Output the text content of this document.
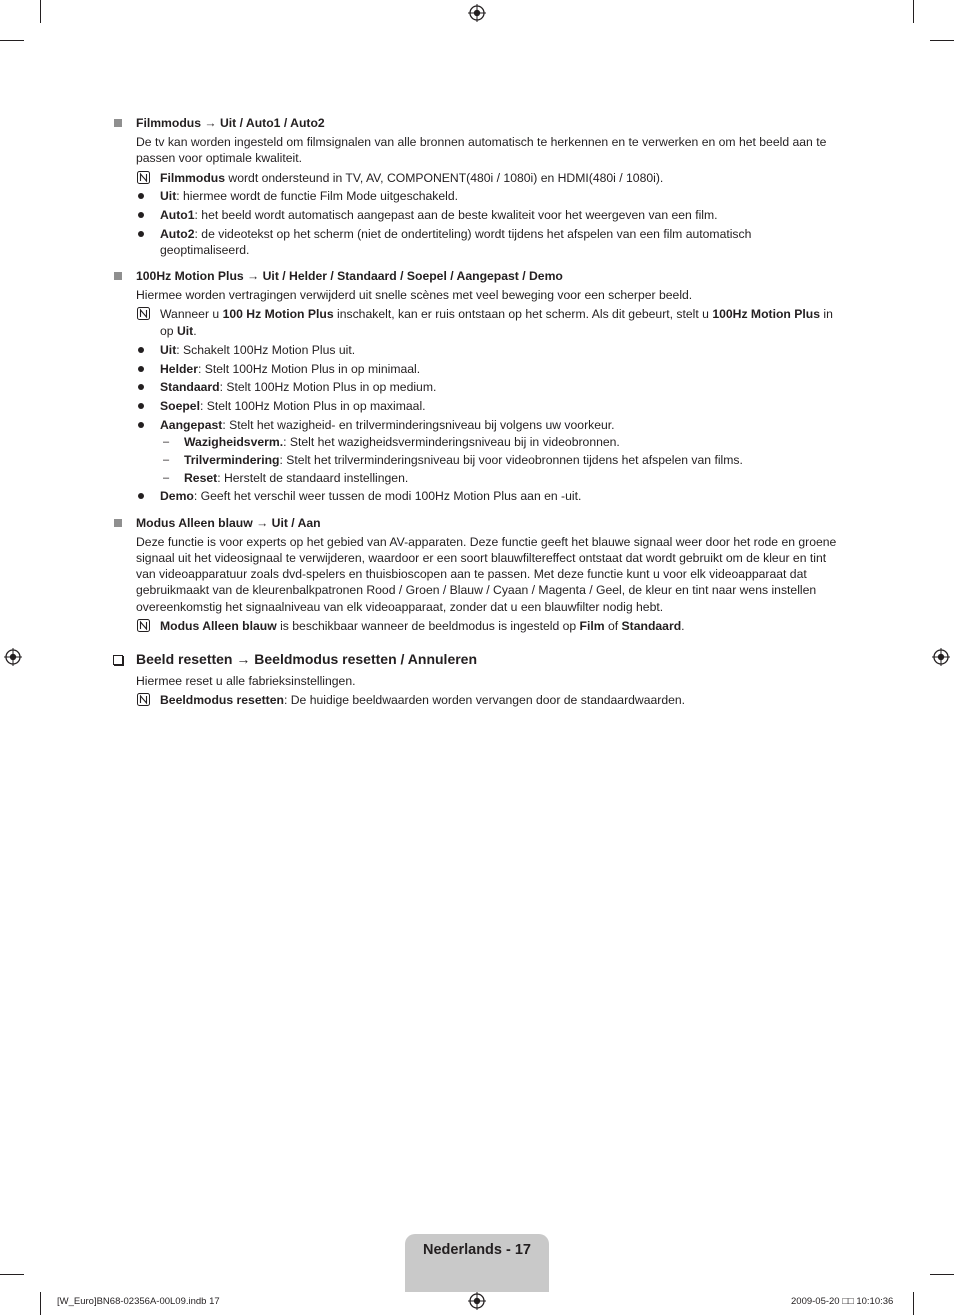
Filmmodus → Uit / Auto1 / Auto2
De tv kan worden ingesteld om filmsignalen van alle bronnen automatisch te herkennen en te verwerken en om het beeld aan te
passen voor optimale kwaliteit.
Filmmodus wordt ondersteund in TV, AV, COMPONENT(480i / 1080i) en HDMI(480i / 1080i).
Uit: hiermee wordt de functie Film Mode uitgeschakeld.
Auto1: het beeld wordt automatisch aangepast aan de beste kwaliteit voor het weergeven van een film.
Auto2: de videotekst op het scherm (niet de ondertiteling) wordt tijdens het afspelen van een film automatisch
geoptimaliseerd.
100Hz Motion Plus → Uit / Helder / Standaard / Soepel / Aangepast / Demo
Hiermee worden vertragingen verwijderd uit snelle scènes met veel beweging voor een scherper beeld.
Wanneer u 100 Hz Motion Plus inschakelt, kan er ruis ontstaan op het scherm. Als dit gebeurt, stelt u 100Hz Motion Plus in
op Uit.
Uit: Schakelt 100Hz Motion Plus uit.
Helder: Stelt 100Hz Motion Plus in op minimaal.
Standaard: Stelt 100Hz Motion Plus in op medium.
Soepel: Stelt 100Hz Motion Plus in op maximaal.
Aangepast: Stelt het wazigheid- en trilverminderingsniveau bij volgens uw voorkeur.
– Wazigheidsverm.: Stelt het wazigheidsverminderingsniveau bij in videobronnen.
– Trilvermindering: Stelt het trilverminderingsniveau bij voor videobronnen tijdens het afspelen van films.
– Reset: Herstelt de standaard instellingen.
Demo: Geeft het verschil weer tussen de modi 100Hz Motion Plus aan en -uit.
Modus Alleen blauw → Uit / Aan
Deze functie is voor experts op het gebied van AV-apparaten. Deze functie geeft het blauwe signaal weer door het rode en groene
signaal uit het videosignaal te verwijderen, waardoor er een soort blauwfiltereffect ontstaat dat wordt gebruikt om de kleur en tint
van videoapparatuur zoals dvd-spelers en thuisbioscopen aan te passen. Met deze functie kunt u voor elk videoapparaat dat
gebruikmaakt van de kleurenbalkpatronen Rood / Groen / Blauw / Cyaan / Magenta / Geel, de kleur en tint naar wens instellen
overeenkomstig het signaalniveau van elk videoapparaat, zonder dat u een blauwfilter nodig hebt.
Modus Alleen blauw is beschikbaar wanneer de beeldmodus is ingesteld op Film of Standaard.
Beeld resetten → Beeldmodus resetten / Annuleren
Hiermee reset u alle fabrieksinstellingen.
Beeldmodus resetten: De huidige beeldwaarden worden vervangen door de standaardwaarden.
Nederlands - 17
[W_Euro]BN68-02356A-00L09.indb 17	2009-05-20 □□ 10:10:36
